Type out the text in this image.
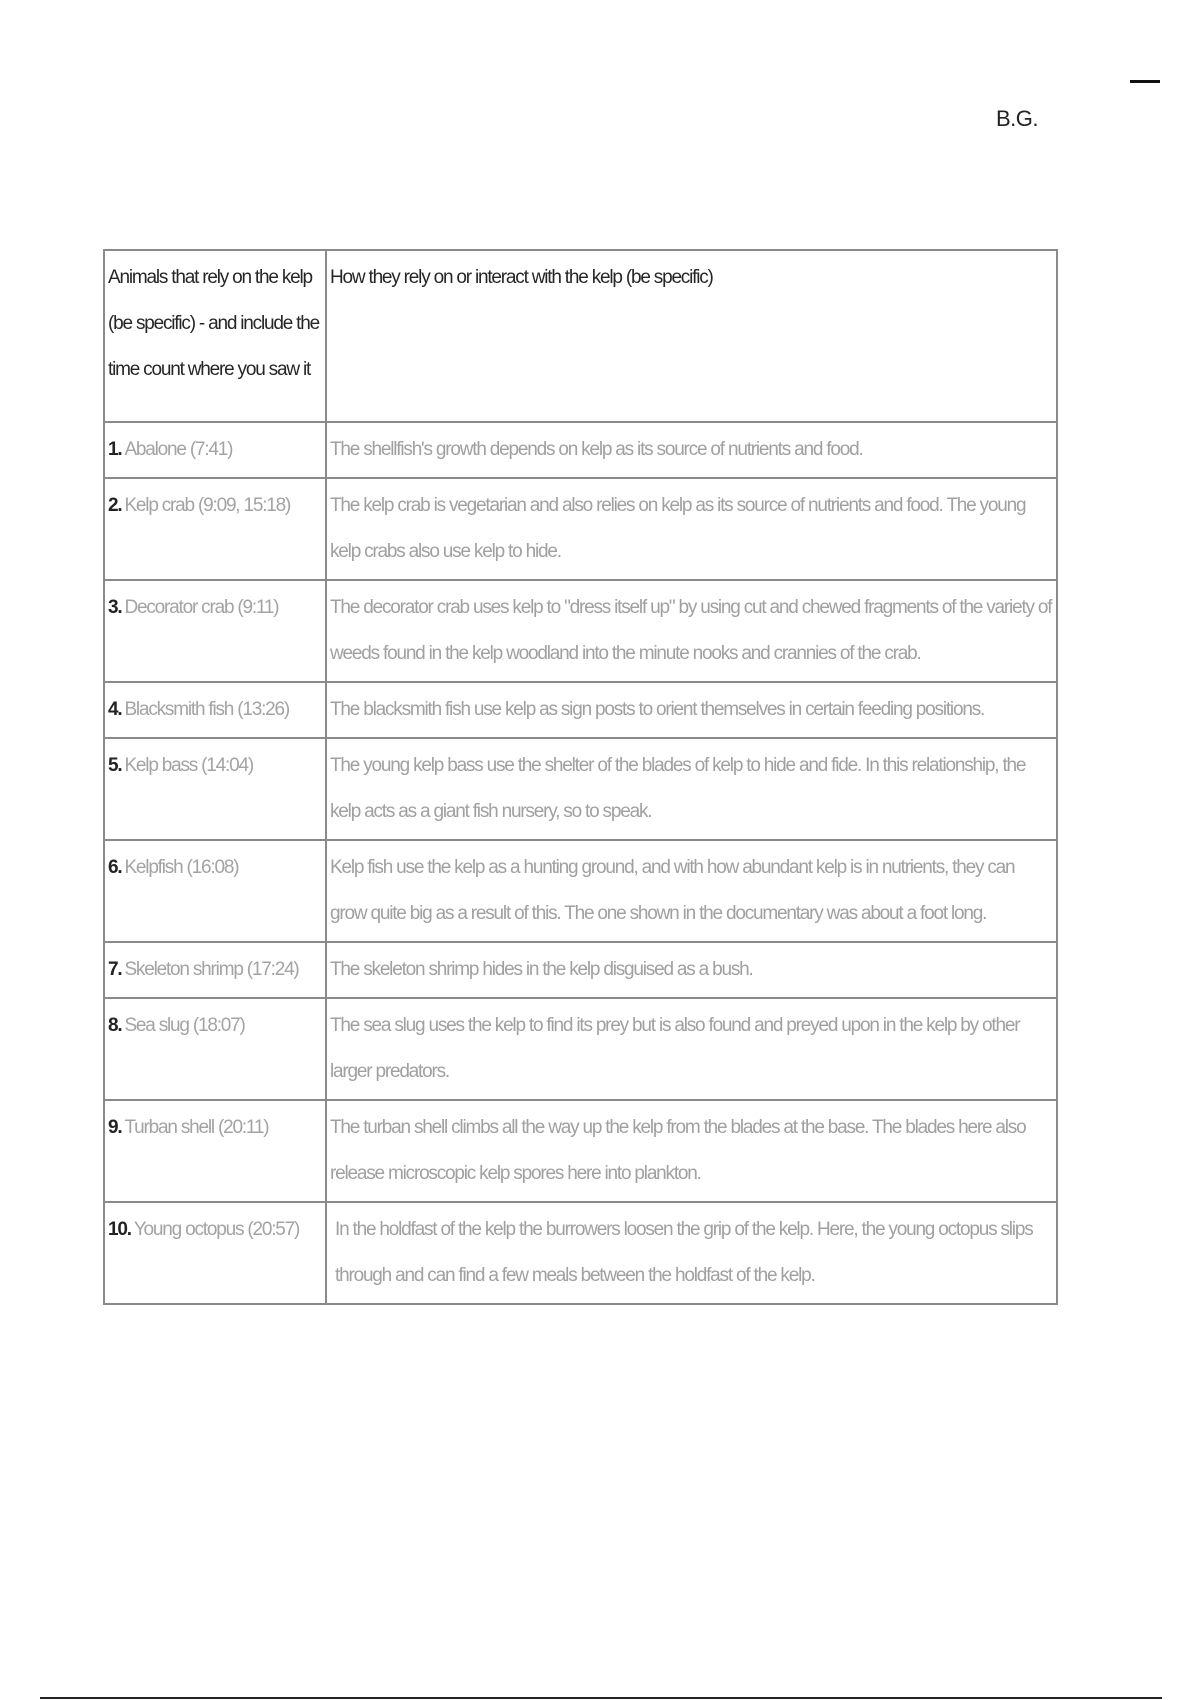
B.G.
Animals that rely on the kelp (be specific) - and include the time count where you saw it	How they rely on or interact with the kelp (be specific)
1. Abalone (7:41)	The shellfish's growth depends on kelp as its source of nutrients and food.
2. Kelp crab (9:09, 15:18)	The kelp crab is vegetarian and also relies on kelp as its source of nutrients and food. The young kelp crabs also use kelp to hide.
3. Decorator crab (9:11)	The decorator crab uses kelp to "dress itself up" by using cut and chewed fragments of the variety of weeds found in the kelp woodland into the minute nooks and crannies of the crab.
4. Blacksmith fish (13:26)	The blacksmith fish use kelp as sign posts to orient themselves in certain feeding positions.
5. Kelp bass (14:04)	The young kelp bass use the shelter of the blades of kelp to hide and fide. In this relationship, the kelp acts as a giant fish nursery, so to speak.
6. Kelpfish (16:08)	Kelp fish use the kelp as a hunting ground, and with how abundant kelp is in nutrients, they can grow quite big as a result of this. The one shown in the documentary was about a foot long.
7. Skeleton shrimp (17:24)	The skeleton shrimp hides in the kelp disguised as a bush.
8. Sea slug (18:07)	The sea slug uses the kelp to find its prey but is also found and preyed upon in the kelp by other larger predators.
9. Turban shell (20:11)	The turban shell climbs all the way up the kelp from the blades at the base. The blades here also release microscopic kelp spores here into plankton.
10. Young octopus (20:57)	In the holdfast of the kelp the burrowers loosen the grip of the kelp. Here, the young octopus slips through and can find a few meals between the holdfast of the kelp.
